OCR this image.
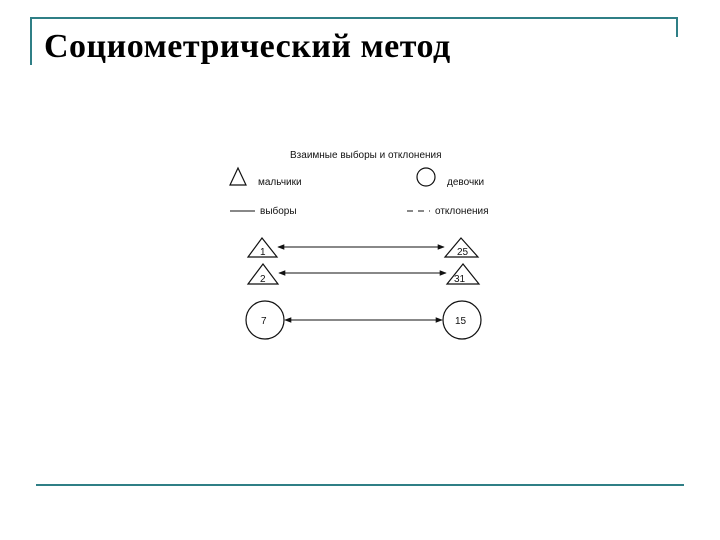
Социометрический метод
Взаимные выборы и отклонения
мальчики	девочки
выборы	отклонения
1	25
2	31
7	15
